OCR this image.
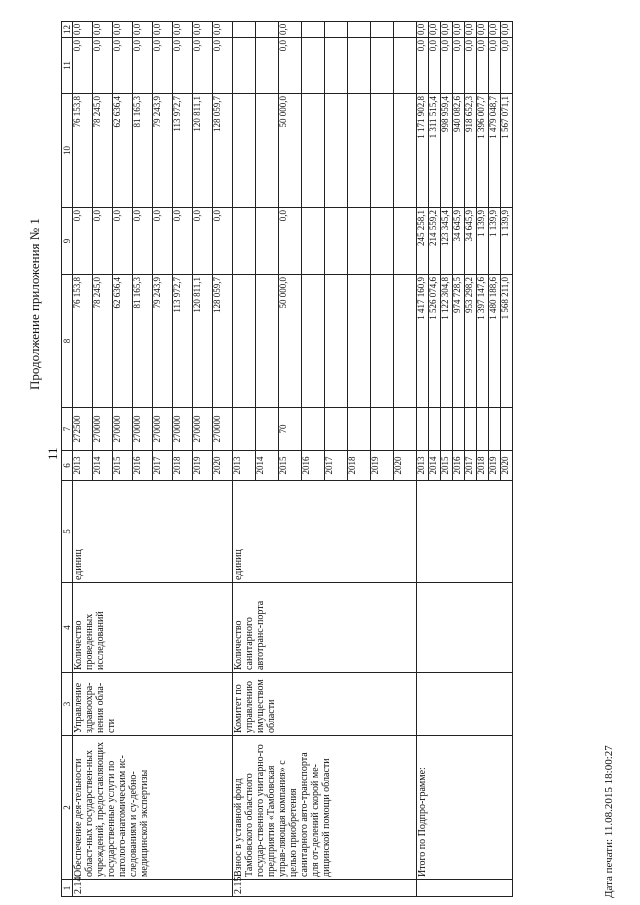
Продолжение приложения № 1
11
1	2	3	4	5	6	7	8	9	10	11	12
2.14.	Обеспечение дея-тельности област-ных государствен-ных учреждений, предоставляющих государственные услуги по патолого-анатомическим ис-следованиям и су-дебно-медицинской экспертизы	Управление здравоохра-нения обла-сти	Количество проведенных исследований	единиц	2013	272500	76 153,8	0,0	76 153,8	0,0	0,0
					2014	270000	78 245,0	0,0	78 245,0	0,0	0,0
					2015	270000	62 636,4	0,0	62 636,4	0,0	0,0
					2016	270000	81 165,3	0,0	81 165,3	0,0	0,0
					2017	270000	79 243,9	0,0	79 243,9	0,0	0,0
					2018	270000	113 972,7	0,0	113 972,7	0,0	0,0
					2019	270000	120 811,1	0,0	120 811,1	0,0	0,0
					2020	270000	128 059,7	0,0	128 059,7	0,0	0,0
2.15.	Взнос в уставной фонд Тамбовского областного государ-ственного унитарно-го предприятия «Тамбовская управ-ляющая компания» с целью приобретения санитарного авто-транспорта для от-делений скорой ме-дицинской помощи области	Комитет по управлению имуществом области	Количество санитарного автотранс-порта	единиц	2013						
					2014						
					2015	70	50 000,0	0,0	50 000,0	0,0	0,0
					2016						
					2017						
					2018						
					2019						
					2020						
	Итого по Подпро-грамме:				2013		1 417 160,9	245 258,1	1 171 902,8	0,0	0,0
					2014		1 526 074,6	214 559,2	1 311 515,4	0,0	0,0
					2015		1 122 304,8	123 345,4	998 959,4	0,0	0,0
					2016		974 728,5	34 645,9	940 082,6	0,0	0,0
					2017		953 298,2	34 645,9	918 652,3	0,0	0,0
					2018		1 397 147,6	1 139,9	1 396 007,7	0,0	0,0
					2019		1 480 188,6	1 139,9	1 479 048,7	0,0	0,0
					2020		1 568 211,0	1 139,9	1 567 071,1	0,0	0,0
Дата печати: 11.08.2015 18:00:27
